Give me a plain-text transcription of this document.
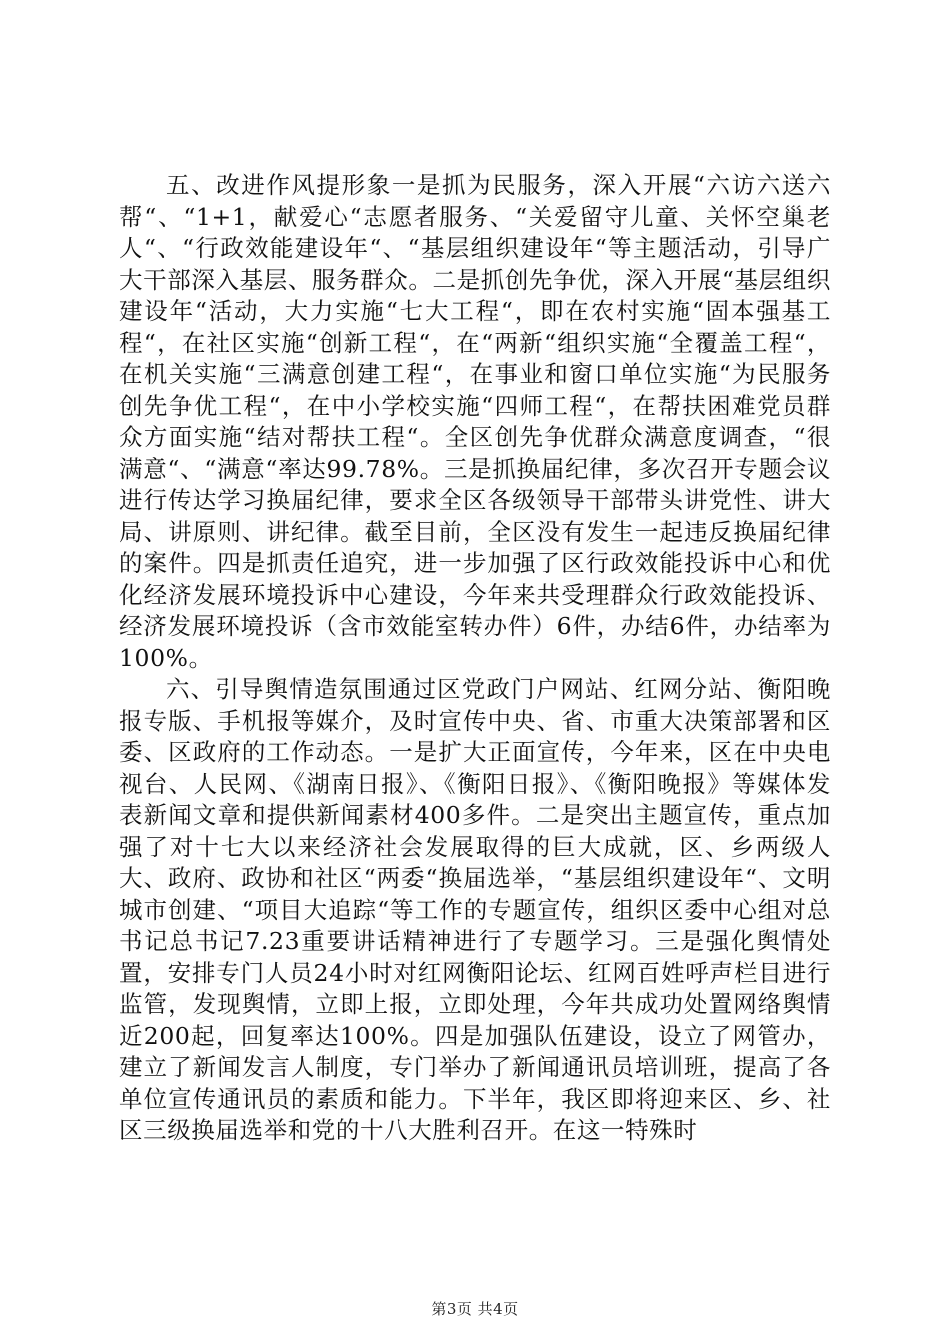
五、改进作风提形象一是抓为民服务，深入开展“六访六送六帮“、“1+1，献爱心“志愿者服务、“关爱留守儿童、关怀空巢老人“、“行政效能建设年“、“基层组织建设年“等主题活动，引导广大干部深入基层、服务群众。二是抓创先争优，深入开展“基层组织建设年“活动，大力实施“七大工程“，即在农村实施“固本强基工程“，在社区实施“创新工程“，在“两新“组织实施“全覆盖工程“，在机关实施“三满意创建工程“，在事业和窗口单位实施“为民服务创先争优工程“，在中小学校实施“四师工程“，在帮扶困难党员群众方面实施“结对帮扶工程“。全区创先争优群众满意度调查，“很满意“、“满意“率达99.78%。三是抓换届纪律，多次召开专题会议进行传达学习换届纪律，要求全区各级领导干部带头讲党性、讲大局、讲原则、讲纪律。截至目前，全区没有发生一起违反换届纪律的案件。四是抓责任追究，进一步加强了区行政效能投诉中心和优化经济发展环境投诉中心建设，今年来共受理群众行政效能投诉、经济发展环境投诉（含市效能室转办件）6件，办结6件，办结率为100%。

六、引导舆情造氛围通过区党政门户网站、红网分站、衡阳晚报专版、手机报等媒介，及时宣传中央、省、市重大决策部署和区委、区政府的工作动态。一是扩大正面宣传，今年来，区在中央电视台、人民网、《湖南日报》、《衡阳日报》、《衡阳晚报》等媒体发表新闻文章和提供新闻素材400多件。二是突出主题宣传，重点加强了对十七大以来经济社会发展取得的巨大成就，区、乡两级人大、政府、政协和社区“两委“换届选举，“基层组织建设年“、文明城市创建、“项目大追踪“等工作的专题宣传，组织区委中心组对总书记总书记7.23重要讲话精神进行了专题学习。三是强化舆情处置，安排专门人员24小时对红网衡阳论坛、红网百姓呼声栏目进行监管，发现舆情，立即上报，立即处理，今年共成功处置网络舆情近200起，回复率达100%。四是加强队伍建设，设立了网管办，建立了新闻发言人制度，专门举办了新闻通讯员培训班，提高了各单位宣传通讯员的素质和能力。下半年，我区即将迎来区、乡、社区三级换届选举和党的十八大胜利召开。在这一特殊时

第3页 共4页
